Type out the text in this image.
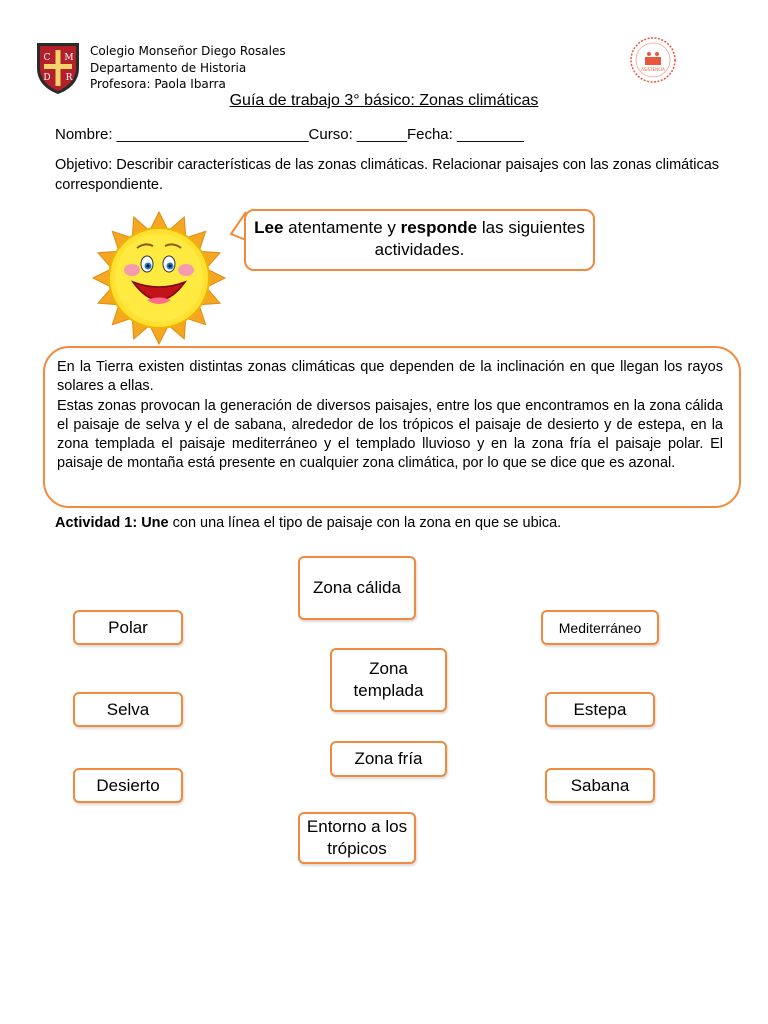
C M
D R
Colegio Monseñor Diego Rosales
Departamento de Historia
Profesora: Paola Ibarra
ASISTENCIA
Guía de trabajo 3° básico: Zonas climáticas
Nombre: _______________________Curso: ______Fecha: ________
Objetivo: Describir características de las zonas climáticas. Relacionar paisajes con las zonas climáticas correspondiente.
Lee atentamente y responde las siguientes actividades.
En la Tierra existen distintas zonas climáticas que dependen de la inclinación en que llegan los rayos solares a ellas.
Estas zonas provocan la generación de diversos paisajes, entre los que encontramos en la zona cálida el paisaje de selva y el de sabana, alrededor de los trópicos el paisaje de desierto y de estepa, en la zona templada el paisaje mediterráneo y el templado lluvioso y en la zona fría el paisaje polar. El paisaje de montaña está presente en cualquier zona climática, por lo que se dice que es azonal.
Actividad 1: Une con una línea el tipo de paisaje con la zona en que se ubica.
Zona cálida
Zona templada
Zona fría
Entorno a los trópicos
Polar
Selva
Desierto
Mediterráneo
Estepa
Sabana
